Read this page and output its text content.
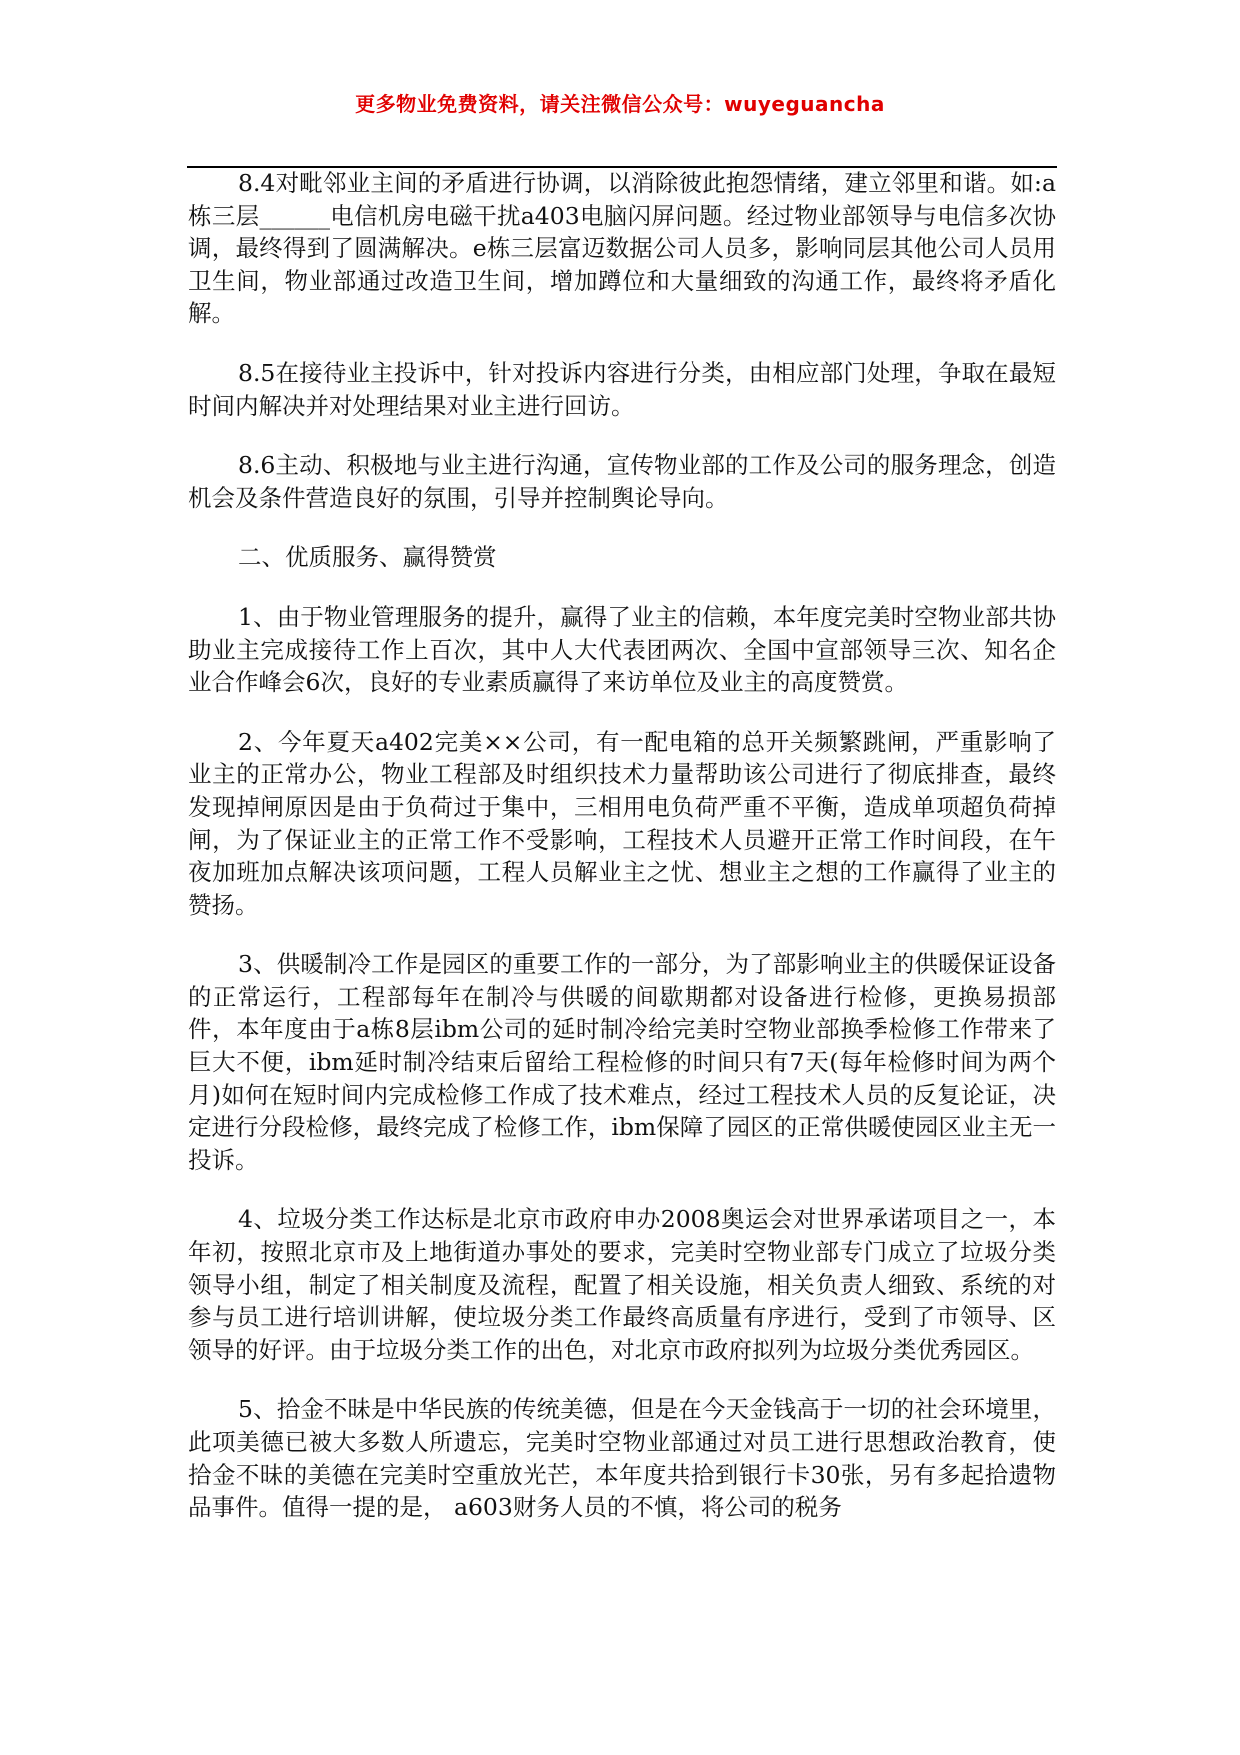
更多物业免费资料，请关注微信公众号：wuyeguancha

8.4对毗邻业主间的矛盾进行协调，以消除彼此抱怨情绪，建立邻里和谐。如:a栋三层______电信机房电磁干扰a403电脑闪屏问题。经过物业部领导与电信多次协调，最终得到了圆满解决。e栋三层富迈数据公司人员多，影响同层其他公司人员用卫生间，物业部通过改造卫生间，增加蹲位和大量细致的沟通工作，最终将矛盾化解。

8.5在接待业主投诉中，针对投诉内容进行分类，由相应部门处理，争取在最短时间内解决并对处理结果对业主进行回访。

8.6主动、积极地与业主进行沟通，宣传物业部的工作及公司的服务理念，创造机会及条件营造良好的氛围，引导并控制舆论导向。

二、优质服务、赢得赞赏

1、由于物业管理服务的提升，赢得了业主的信赖，本年度完美时空物业部共协助业主完成接待工作上百次，其中人大代表团两次、全国中宣部领导三次、知名企业合作峰会6次，良好的专业素质赢得了来访单位及业主的高度赞赏。

2、今年夏天a402完美××公司，有一配电箱的总开关频繁跳闸，严重影响了业主的正常办公，物业工程部及时组织技术力量帮助该公司进行了彻底排查，最终发现掉闸原因是由于负荷过于集中，三相用电负荷严重不平衡，造成单项超负荷掉闸，为了保证业主的正常工作不受影响，工程技术人员避开正常工作时间段，在午夜加班加点解决该项问题，工程人员解业主之忧、想业主之想的工作赢得了业主的赞扬。

3、供暖制冷工作是园区的重要工作的一部分，为了部影响业主的供暖保证设备的正常运行，工程部每年在制冷与供暖的间歇期都对设备进行检修，更换易损部件，本年度由于a栋8层ibm公司的延时制冷给完美时空物业部换季检修工作带来了巨大不便，ibm延时制冷结束后留给工程检修的时间只有7天(每年检修时间为两个月)如何在短时间内完成检修工作成了技术难点，经过工程技术人员的反复论证，决定进行分段检修，最终完成了检修工作，ibm保障了园区的正常供暖使园区业主无一投诉。

4、垃圾分类工作达标是北京市政府申办2008奥运会对世界承诺项目之一，本年初，按照北京市及上地街道办事处的要求，完美时空物业部专门成立了垃圾分类领导小组，制定了相关制度及流程，配置了相关设施，相关负责人细致、系统的对参与员工进行培训讲解，使垃圾分类工作最终高质量有序进行，受到了市领导、区领导的好评。由于垃圾分类工作的出色，对北京市政府拟列为垃圾分类优秀园区。

5、拾金不昧是中华民族的传统美德，但是在今天金钱高于一切的社会环境里，此项美德已被大多数人所遗忘，完美时空物业部通过对员工进行思想政治教育，使拾金不昧的美德在完美时空重放光芒，本年度共拾到银行卡30张，另有多起拾遗物品事件。值得一提的是， a603财务人员的不慎，将公司的税务
